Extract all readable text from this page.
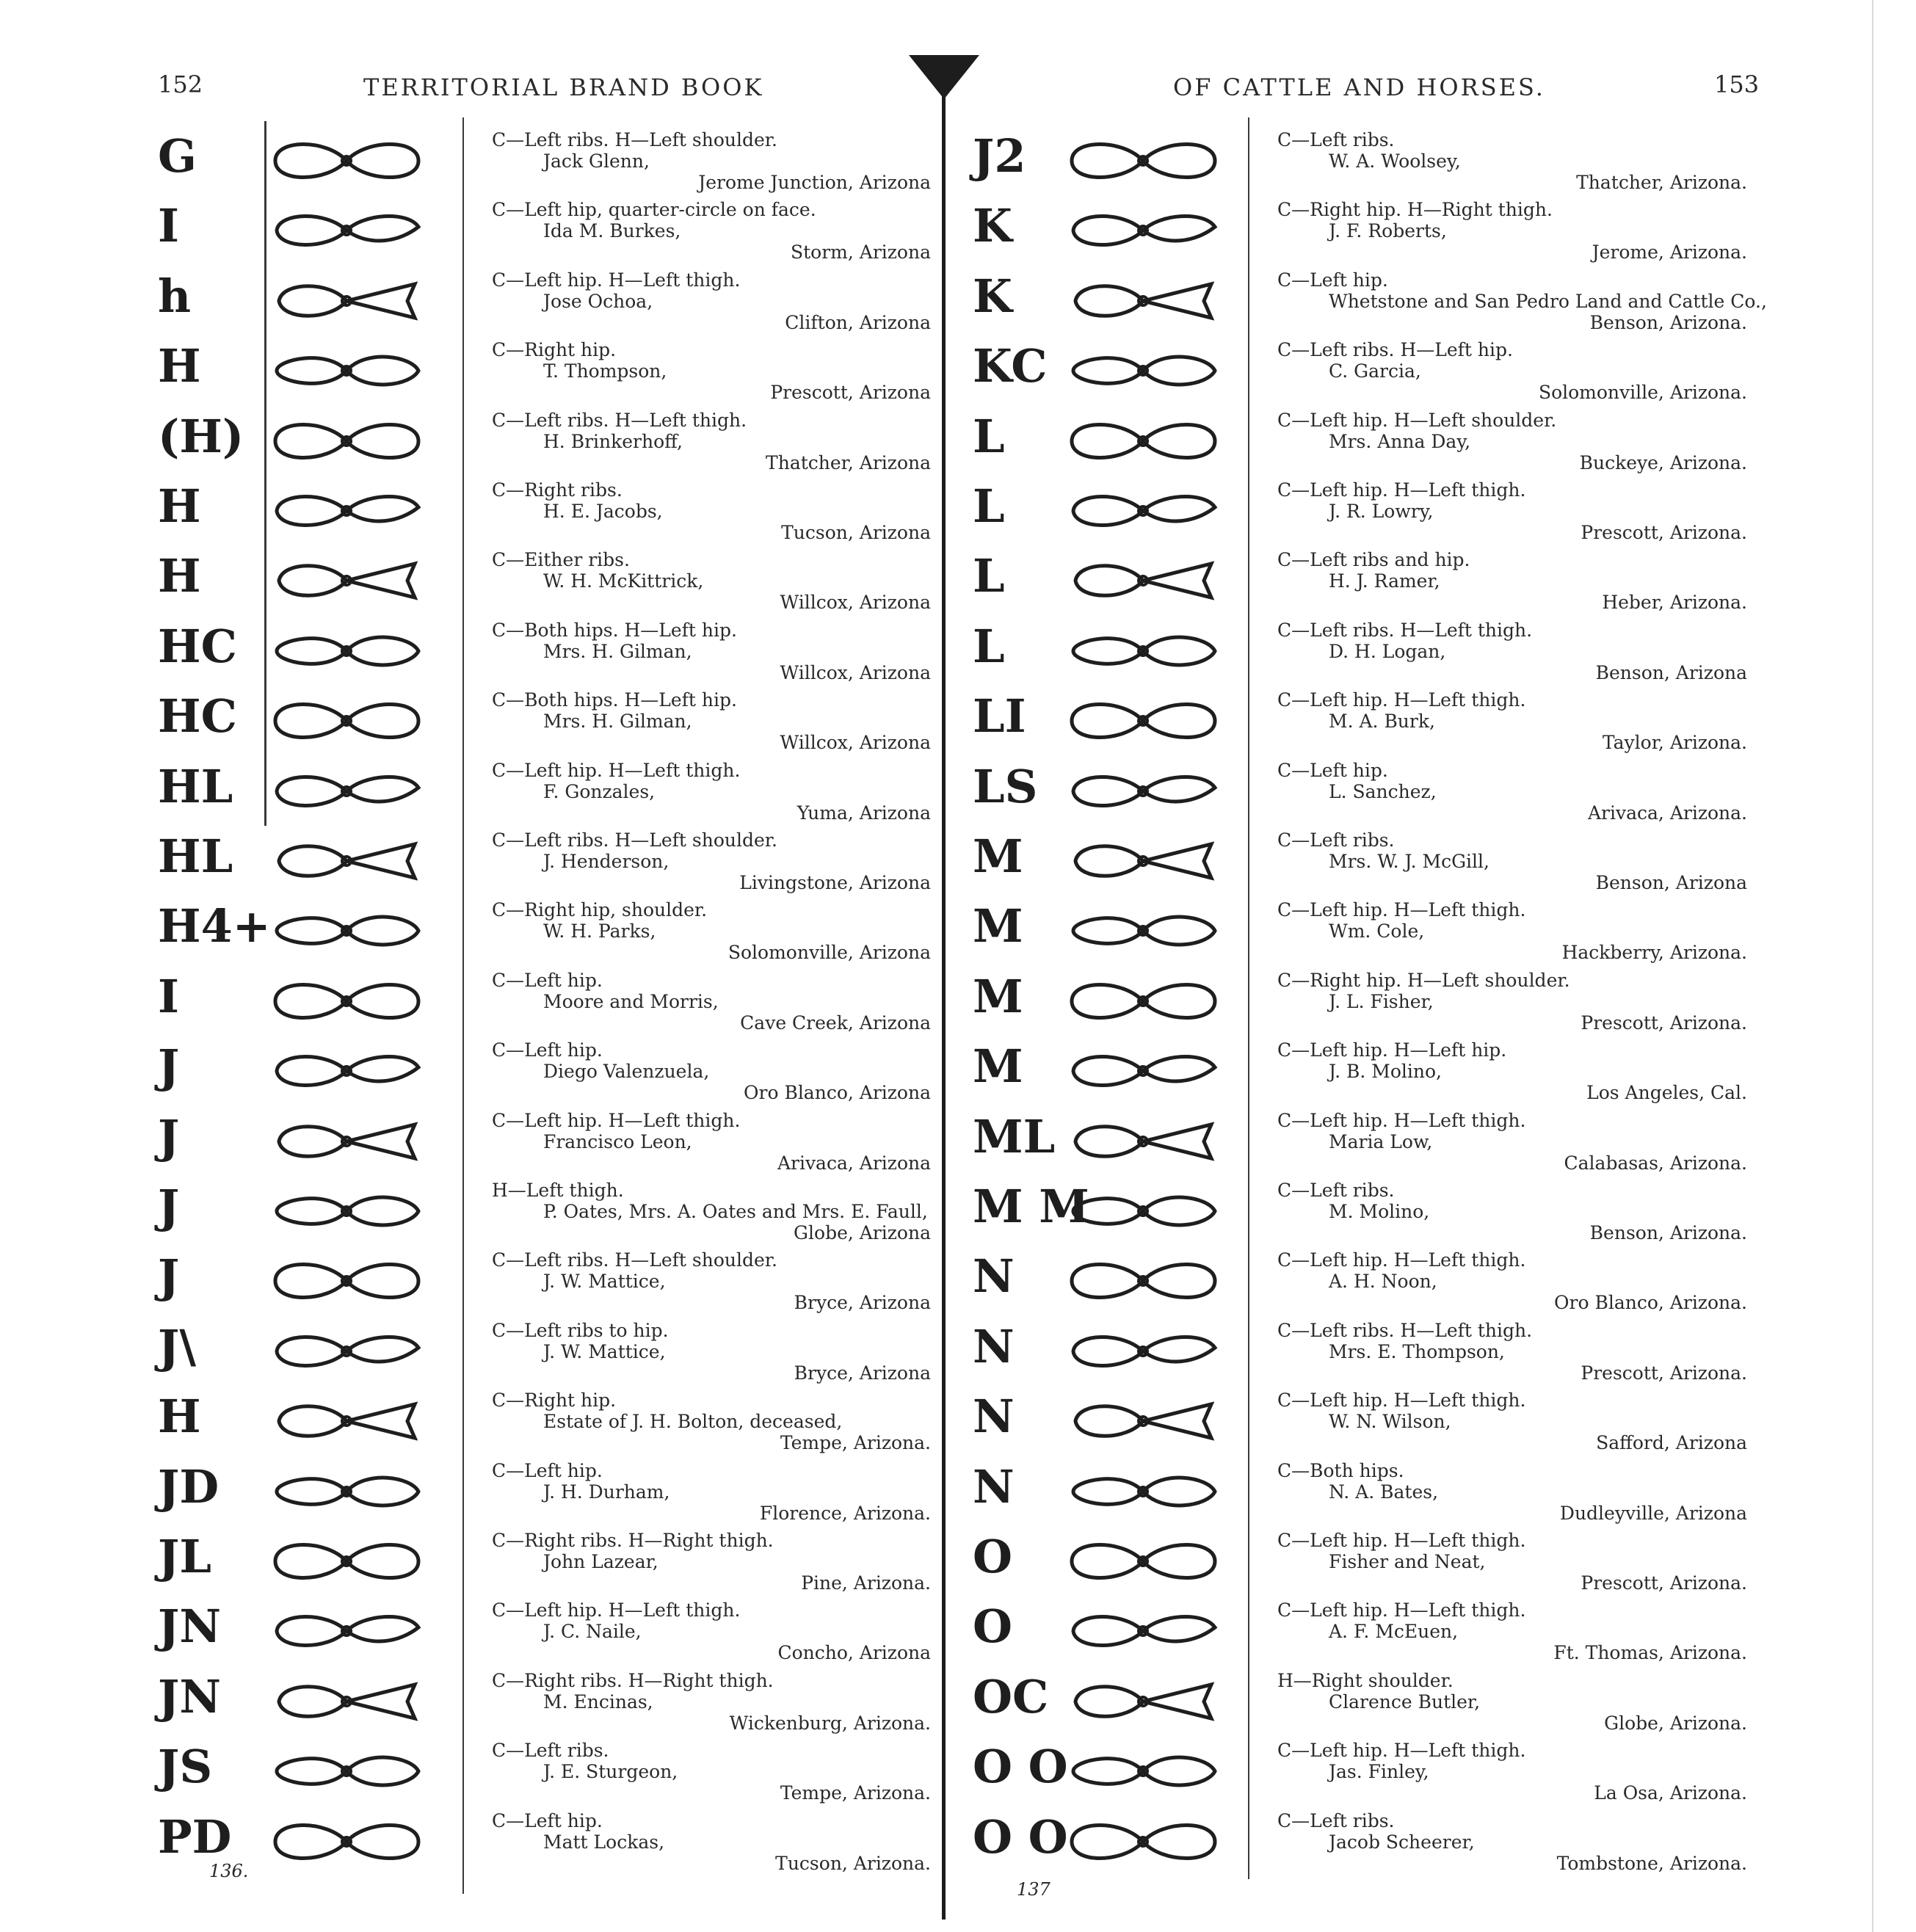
152	TERRITORIAL BRAND BOOK	OF CATTLE AND HORSES.	153
G	C—Left ribs. H—Left shoulder.
Jack Glenn,
Jerome Junction, Arizona
I	C—Left hip, quarter-circle on face.
Ida M. Burkes,
Storm, Arizona
h	C—Left hip. H—Left thigh.
Jose Ochoa,
Clifton, Arizona
H	C—Right hip.
T. Thompson,
Prescott, Arizona
(H)	C—Left ribs. H—Left thigh.
H. Brinkerhoff,
Thatcher, Arizona
H	C—Right ribs.
H. E. Jacobs,
Tucson, Arizona
H	C—Either ribs.
W. H. McKittrick,
Willcox, Arizona
HC	C—Both hips. H—Left hip.
Mrs. H. Gilman,
Willcox, Arizona
HC	C—Both hips. H—Left hip.
Mrs. H. Gilman,
Willcox, Arizona
HL	C—Left hip. H—Left thigh.
F. Gonzales,
Yuma, Arizona
HL	C—Left ribs. H—Left shoulder.
J. Henderson,
Livingstone, Arizona
H4+	C—Right hip, shoulder.
W. H. Parks,
Solomonville, Arizona
I	C—Left hip.
Moore and Morris,
Cave Creek, Arizona
J	C—Left hip.
Diego Valenzuela,
Oro Blanco, Arizona
J	C—Left hip. H—Left thigh.
Francisco Leon,
Arivaca, Arizona
J	H—Left thigh.
P. Oates, Mrs. A. Oates and Mrs. E. Faull,
Globe, Arizona
J	C—Left ribs. H—Left shoulder.
J. W. Mattice,
Bryce, Arizona
J\	C—Left ribs to hip.
J. W. Mattice,
Bryce, Arizona
H	C—Right hip.
Estate of J. H. Bolton, deceased,
Tempe, Arizona.
JD	C—Left hip.
J. H. Durham,
Florence, Arizona.
JL	C—Right ribs. H—Right thigh.
John Lazear,
Pine, Arizona.
JN	C—Left hip. H—Left thigh.
J. C. Naile,
Concho, Arizona
JN	C—Right ribs. H—Right thigh.
M. Encinas,
Wickenburg, Arizona.
JS	C—Left ribs.
J. E. Sturgeon,
Tempe, Arizona.
PD	C—Left hip.
Matt Lockas,
Tucson, Arizona.
J2	C—Left ribs.
W. A. Woolsey,
Thatcher, Arizona.
K	C—Right hip. H—Right thigh.
J. F. Roberts,
Jerome, Arizona.
K	C—Left hip.
Whetstone and San Pedro Land and Cattle Co.,
Benson, Arizona.
KC	C—Left ribs. H—Left hip.
C. Garcia,
Solomonville, Arizona.
L	C—Left hip. H—Left shoulder.
Mrs. Anna Day,
Buckeye, Arizona.
L	C—Left hip. H—Left thigh.
J. R. Lowry,
Prescott, Arizona.
L	C—Left ribs and hip.
H. J. Ramer,
Heber, Arizona.
L	C—Left ribs. H—Left thigh.
D. H. Logan,
Benson, Arizona
LI	C—Left hip. H—Left thigh.
M. A. Burk,
Taylor, Arizona.
LS	C—Left hip.
L. Sanchez,
Arivaca, Arizona.
M	C—Left ribs.
Mrs. W. J. McGill,
Benson, Arizona
M	C—Left hip. H—Left thigh.
Wm. Cole,
Hackberry, Arizona.
M	C—Right hip. H—Left shoulder.
J. L. Fisher,
Prescott, Arizona.
M	C—Left hip. H—Left hip.
J. B. Molino,
Los Angeles, Cal.
ML	C—Left hip. H—Left thigh.
Maria Low,
Calabasas, Arizona.
M M	C—Left ribs.
M. Molino,
Benson, Arizona.
N	C—Left hip. H—Left thigh.
A. H. Noon,
Oro Blanco, Arizona.
N	C—Left ribs. H—Left thigh.
Mrs. E. Thompson,
Prescott, Arizona.
N	C—Left hip. H—Left thigh.
W. N. Wilson,
Safford, Arizona
N	C—Both hips.
N. A. Bates,
Dudleyville, Arizona
O	C—Left hip. H—Left thigh.
Fisher and Neat,
Prescott, Arizona.
O	C—Left hip. H—Left thigh.
A. F. McEuen,
Ft. Thomas, Arizona.
OC	H—Right shoulder.
Clarence Butler,
Globe, Arizona.
O O	C—Left hip. H—Left thigh.
Jas. Finley,
La Osa, Arizona.
O O	C—Left ribs.
Jacob Scheerer,
Tombstone, Arizona.
136.
137
